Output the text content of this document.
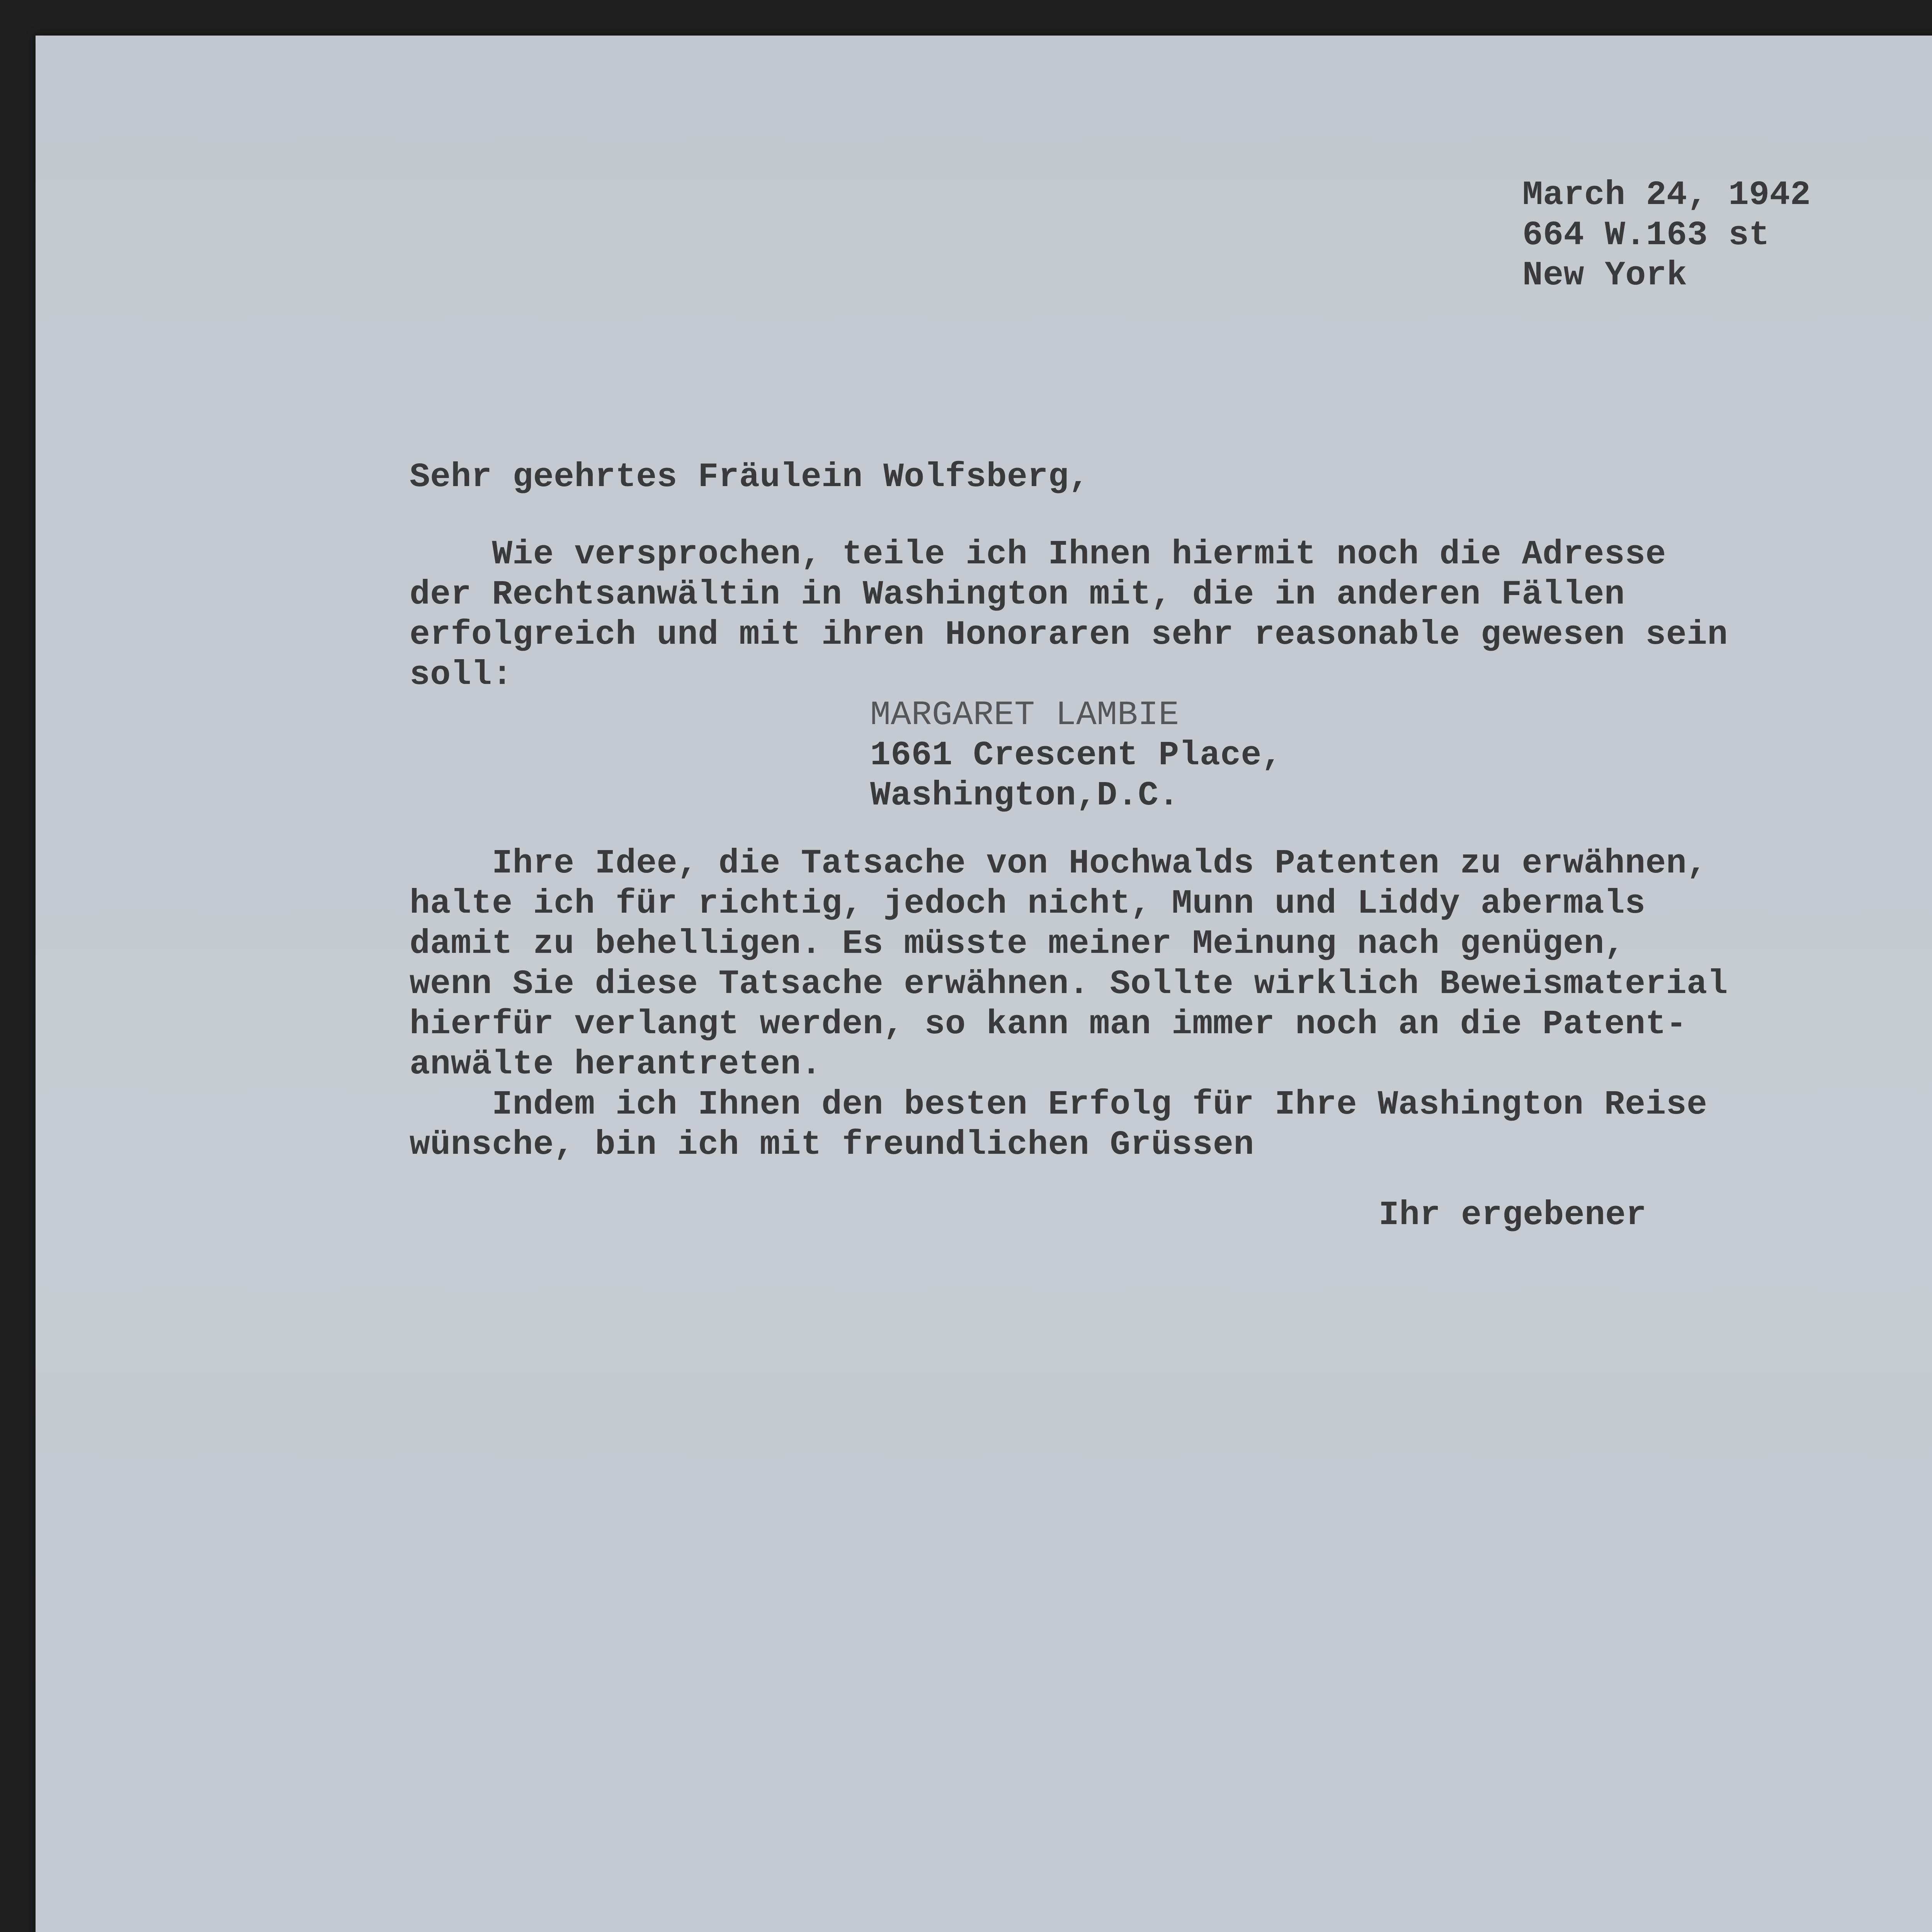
March 24, 1942
664 W.163 st
New York
Sehr geehrtes Fräulein Wolfsberg,
Wie versprochen, teile ich Ihnen hiermit noch die Adresse
der Rechtsanwältin in Washington mit, die in anderen Fällen
erfolgreich und mit ihren Honoraren sehr reasonable gewesen sein
soll:
MARGARET LAMBIE
1661 Crescent Place,
Washington,D.C.
Ihre Idee, die Tatsache von Hochwalds Patenten zu erwähnen,
halte ich für richtig, jedoch nicht, Munn und Liddy abermals
damit zu behelligen. Es müsste meiner Meinung nach genügen,
wenn Sie diese Tatsache erwähnen. Sollte wirklich Beweismaterial
hierfür verlangt werden, so kann man immer noch an die Patent-
anwälte herantreten.
Indem ich Ihnen den besten Erfolg für Ihre Washington Reise
wünsche, bin ich mit freundlichen Grüssen
Ihr ergebener
